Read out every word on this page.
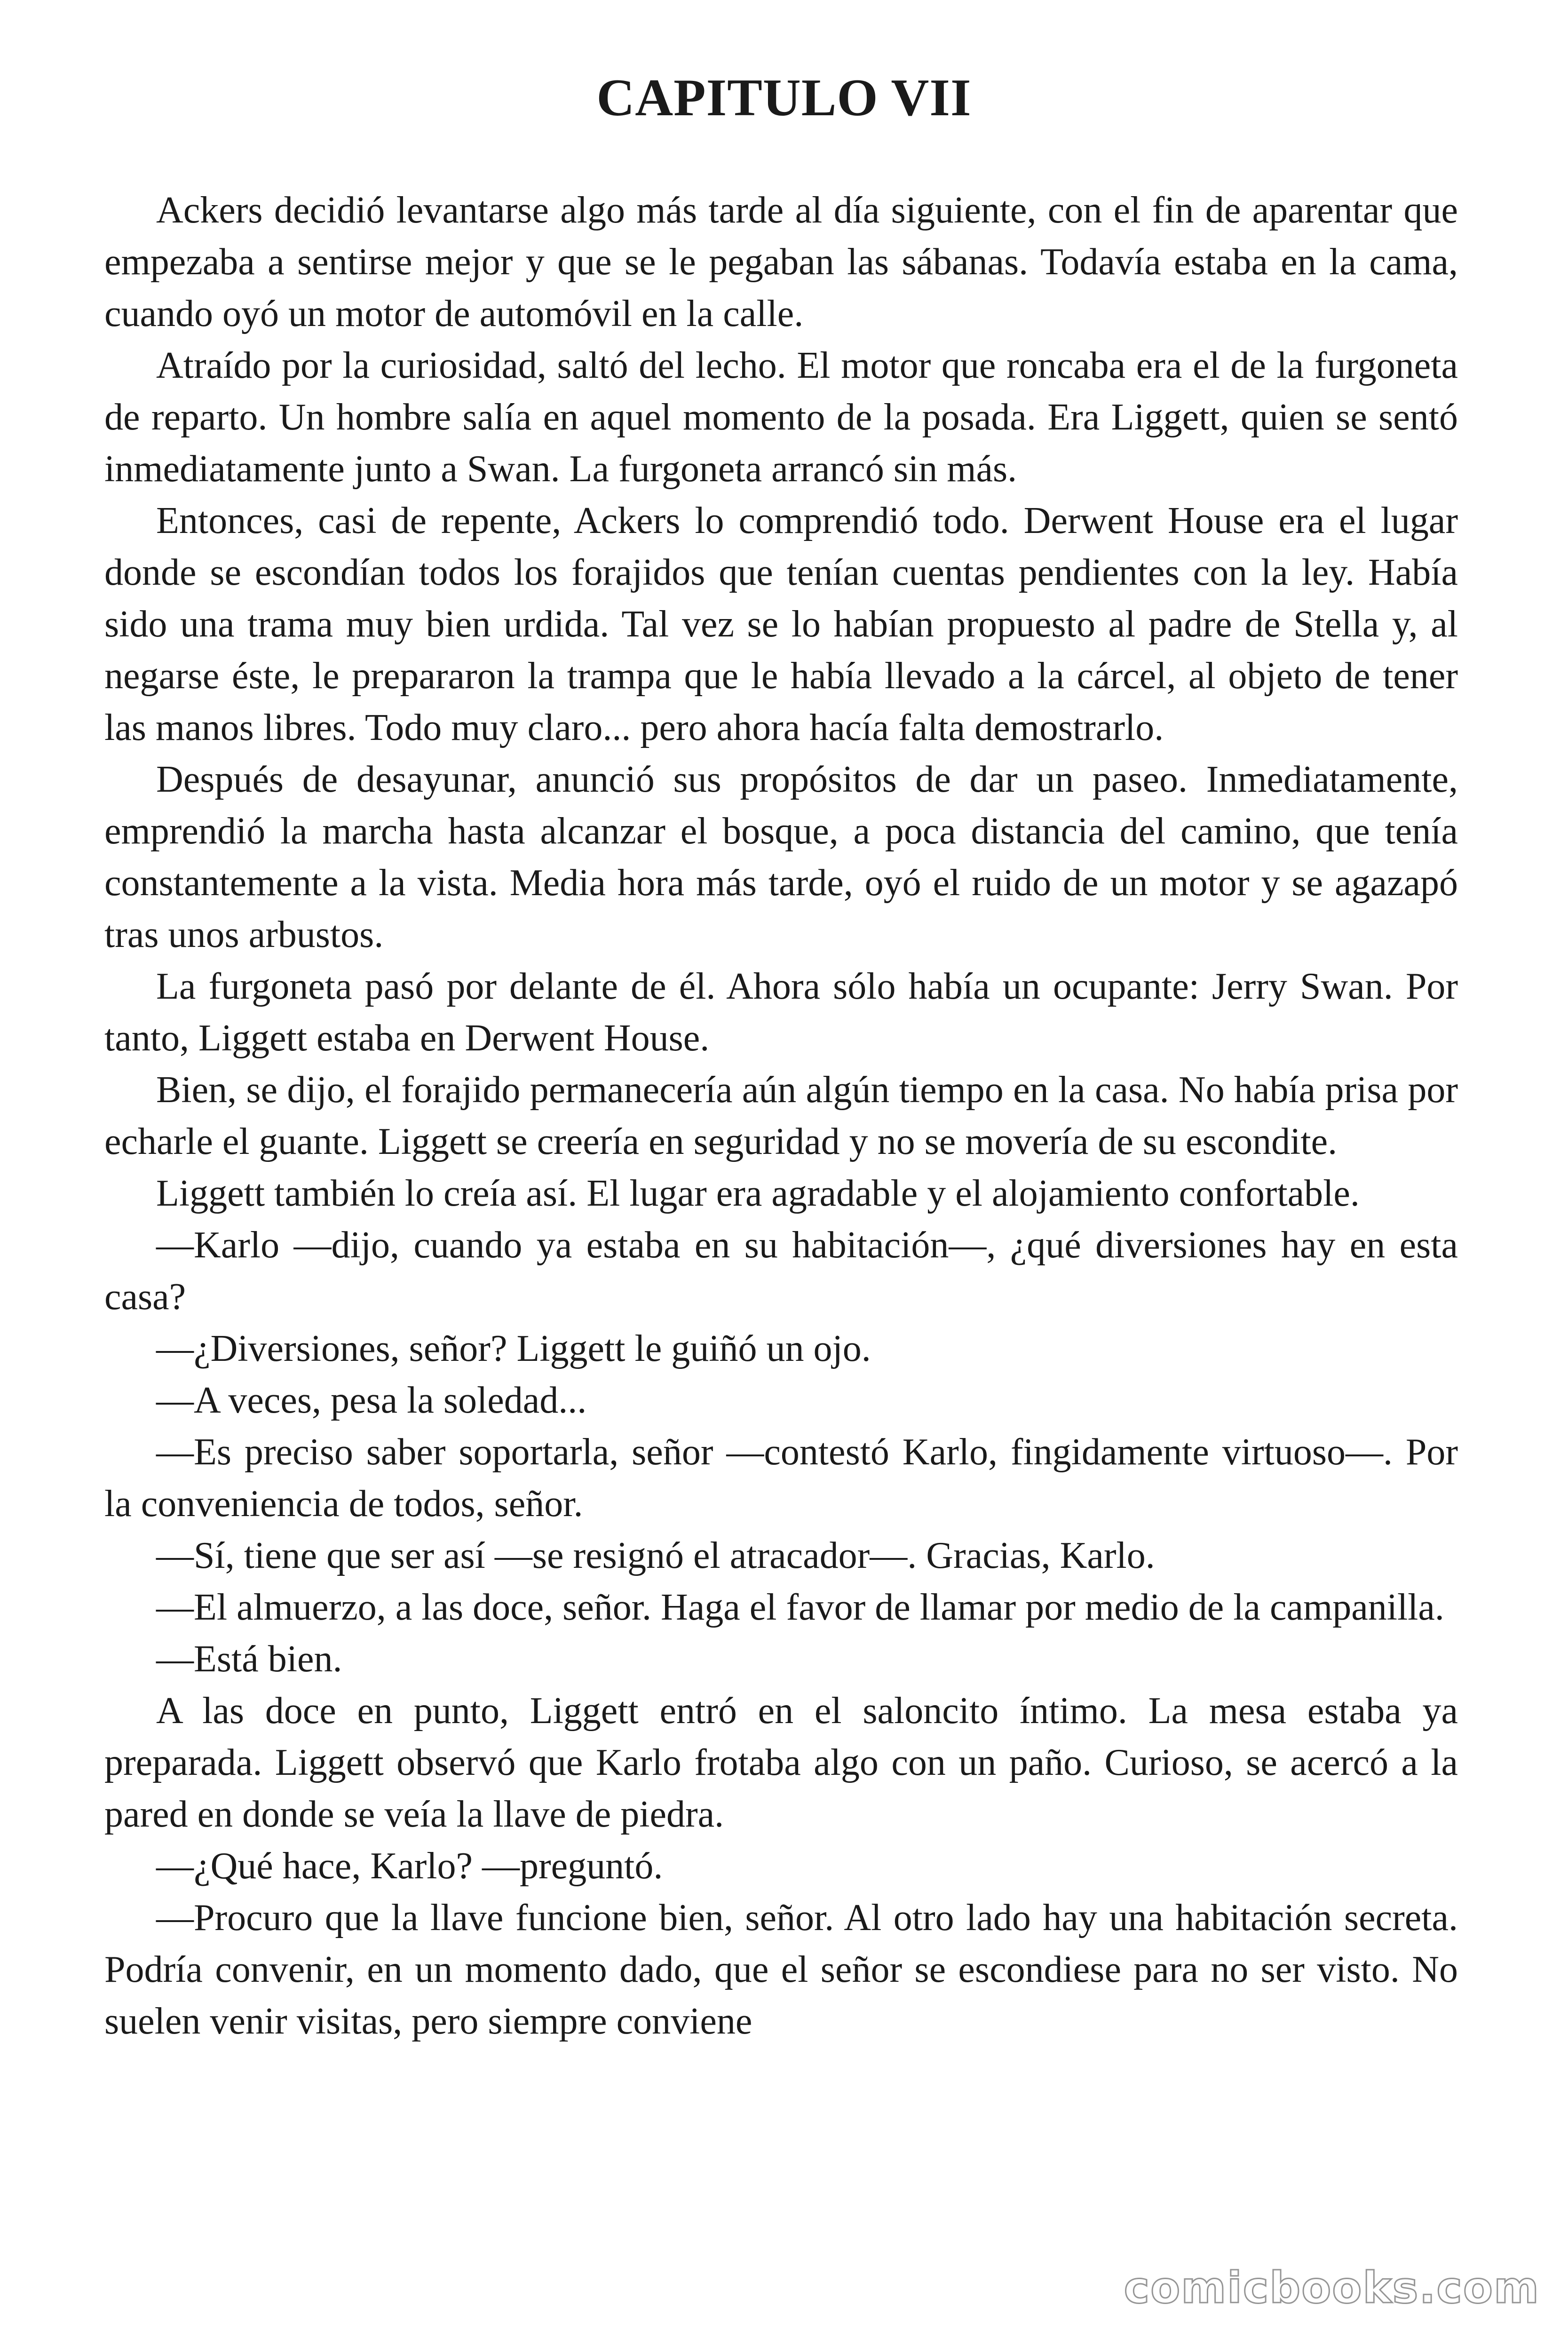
CAPITULO VII

Ackers decidió levantarse algo más tarde al día siguiente, con el fin de aparentar que empezaba a sentirse mejor y que se le pegaban las sábanas. Todavía estaba en la cama, cuando oyó un motor de automóvil en la calle.

Atraído por la curiosidad, saltó del lecho. El motor que roncaba era el de la furgoneta de reparto. Un hombre salía en aquel momento de la posada. Era Liggett, quien se sentó inmediatamente junto a Swan. La furgoneta arrancó sin más.

Entonces, casi de repente, Ackers lo comprendió todo. Derwent House era el lugar donde se escondían todos los forajidos que tenían cuentas pendientes con la ley. Había sido una trama muy bien urdida. Tal vez se lo habían propuesto al padre de Stella y, al negarse éste, le prepararon la trampa que le había llevado a la cárcel, al objeto de tener las manos libres. Todo muy claro... pero ahora hacía falta demostrarlo.

Después de desayunar, anunció sus propósitos de dar un paseo. Inmediatamente, emprendió la marcha hasta alcanzar el bosque, a poca distancia del camino, que tenía constantemente a la vista. Media hora más tarde, oyó el ruido de un motor y se agazapó tras unos arbustos.

La furgoneta pasó por delante de él. Ahora sólo había un ocupante: Jerry Swan. Por tanto, Liggett estaba en Derwent House.

Bien, se dijo, el forajido permanecería aún algún tiempo en la casa. No había prisa por echarle el guante. Liggett se creería en seguridad y no se movería de su escondite.

Liggett también lo creía así. El lugar era agradable y el alojamiento confortable.

—Karlo —dijo, cuando ya estaba en su habitación—, ¿qué diversiones hay en esta casa?

—¿Diversiones, señor? Liggett le guiñó un ojo.

—A veces, pesa la soledad...

—Es preciso saber soportarla, señor —contestó Karlo, fingidamente virtuoso—. Por la conveniencia de todos, señor.

—Sí, tiene que ser así —se resignó el atracador—. Gracias, Karlo.

—El almuerzo, a las doce, señor. Haga el favor de llamar por medio de la campanilla.

—Está bien.

A las doce en punto, Liggett entró en el saloncito íntimo. La mesa estaba ya preparada. Liggett observó que Karlo frotaba algo con un paño. Curioso, se acercó a la pared en donde se veía la llave de piedra.

—¿Qué hace, Karlo? —preguntó.

—Procuro que la llave funcione bien, señor. Al otro lado hay una habitación secreta. Podría convenir, en un momento dado, que el señor se escondiese para no ser visto. No suelen venir visitas, pero siempre conviene

comicbooks.com
